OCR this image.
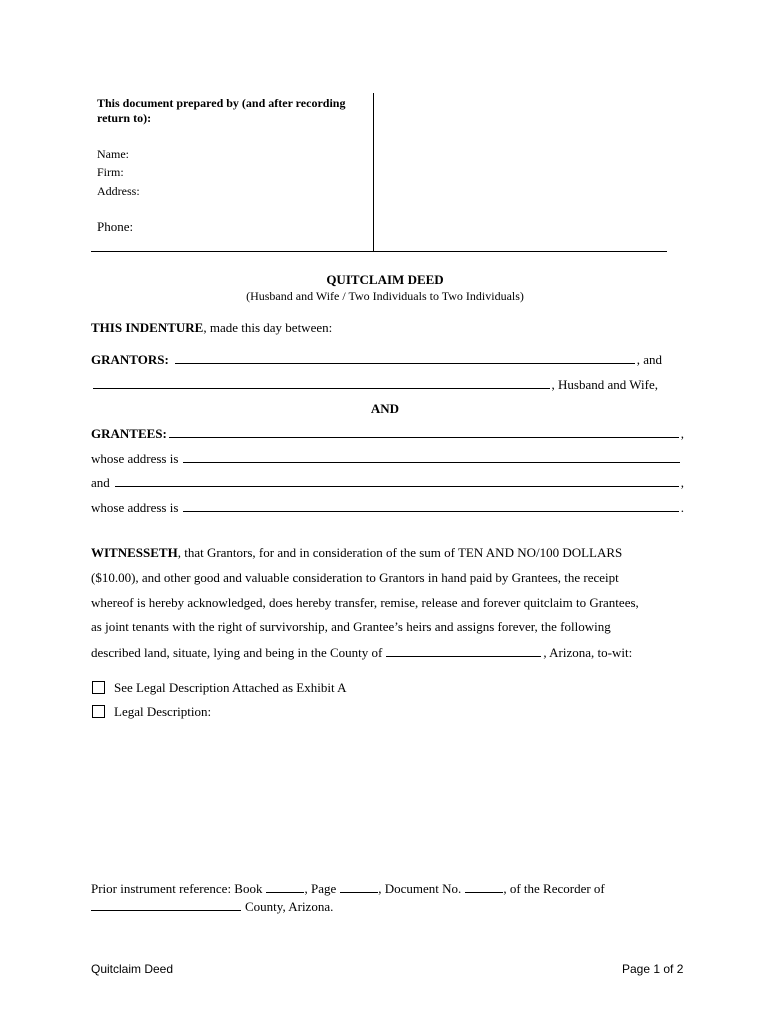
This document prepared by (and after recording
return to):
Name:
Firm:
Address:
Phone:
QUITCLAIM DEED
(Husband and Wife / Two Individuals to Two Individuals)
THIS INDENTURE, made this day between:
GRANTORS:	, and
, Husband and Wife,
AND
GRANTEES:	,
whose address is
and	,
whose address is	.
WITNESSETH, that Grantors, for and in consideration of the sum of TEN AND NO/100 DOLLARS
($10.00), and other good and valuable consideration to Grantors in hand paid by Grantees, the receipt
whereof is hereby acknowledged, does hereby transfer, remise, release and forever quitclaim to Grantees,
as joint tenants with the right of survivorship, and Grantee’s heirs and assigns forever, the following
described land, situate, lying and being in the County of	, Arizona, to-wit:
See Legal Description Attached as Exhibit A
Legal Description:
Prior instrument reference: Book	, Page	, Document No.	, of the Recorder of
County, Arizona.
Quitclaim Deed	Page 1 of 2
